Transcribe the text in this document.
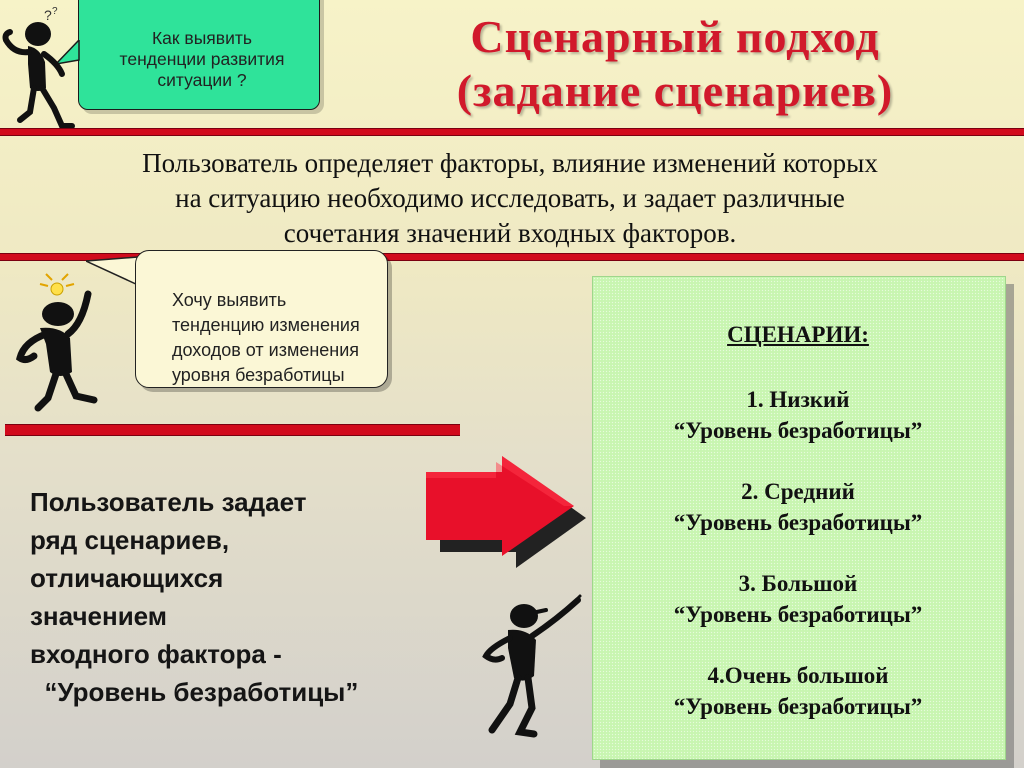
Сценарный подход
(задание сценариев)
Как выявить
тенденции развития
ситуации ?
? ?
Пользователь определяет факторы, влияние изменений которых
на ситуацию необходимо исследовать, и задает различные
сочетания значений входных факторов.
Хочу выявить
тенденцию изменения
доходов от изменения
уровня безработицы
Пользователь задает
ряд сценариев,
отличающихся
значением
входного фактора -
“Уровень безработицы”
СЦЕНАРИИ:
1. Низкий
“Уровень безработицы”
2. Средний
“Уровень безработицы”
3. Большой
“Уровень безработицы”
4.Очень большой
“Уровень безработицы”
